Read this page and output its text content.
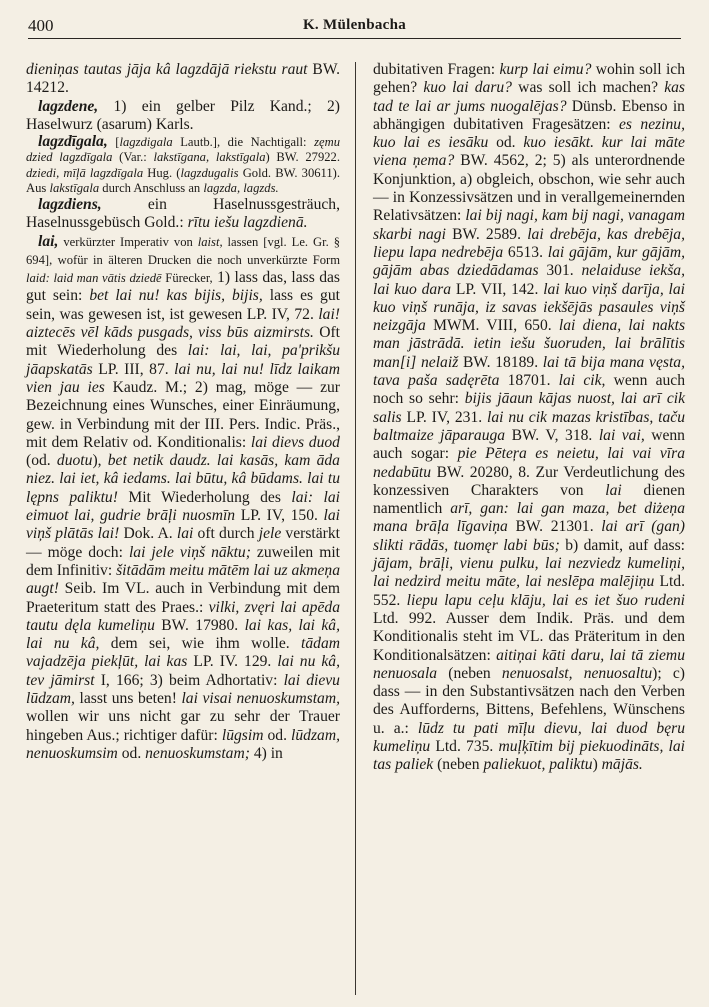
400	K. Mülenbacha

dieniņas tautas jāja kâ lagzdājā riekstu raut BW. 14212.

lagzdene, 1) ein gelber Pilz Kand.; 2) Haselwurz (asarum) Karls.

lagzdīgala, [lagzdigala Lautb.], die Nachtigall: zęmu dzied lagzdīgala (Var.: lakstīgana, lakstīgala) BW. 27922. dziedi, mīļā lagzdīgala Hug. (lagzdugalis Gold. BW. 30611). Aus lakstīgala durch Anschluss an lagzda, lagzds.

lagzdiens, ein Haselnussgesträuch, Haselnussgebüsch Gold.: rītu iešu lagzdienā.

lai, verkürzter Imperativ von laist, lassen [vgl. Le. Gr. § 694], wofür in älteren Drucken die noch unverkürzte Form laid: laid man vātis dziedē Fürecker, 1) lass das, lass das gut sein: bet lai nu! kas bijis, bijis, lass es gut sein, was gewesen ist, ist gewesen LP. IV, 72. lai! aiztecēs vēl kāds pusgads, viss būs aizmirsts. Oft mit Wiederholung des lai: lai, lai, pa'prikšu jāapskatās LP. III, 87. lai nu, lai nu! līdz laikam vien jau ies Kaudz. M.; 2) mag, möge — zur Bezeichnung eines Wunsches, einer Einräumung, gew. in Verbindung mit der III. Pers. Indic. Präs., mit dem Relativ od. Konditionalis: lai dievs duod (od. duotu), bet netik daudz. lai kasās, kam āda niez. lai iet, kâ iedams. lai būtu, kâ būdams. lai tu lępns paliktu! Mit Wiederholung des lai: lai eimuot lai, gudrie brāļi nuosmīn LP. IV, 150. lai viņš plātās lai! Dok. A. lai oft durch jele verstärkt — möge doch: lai jele viņš nāktu; zuweilen mit dem Infinitiv: šitādām meitu mātēm lai uz akmeņa augt! Seib. Im VL. auch in Verbindung mit dem Praeteritum statt des Praes.: vilki, zvęri lai apēda tautu dęla kumeliņu BW. 17980. lai kas, lai kâ, lai nu kâ, dem sei, wie ihm wolle. tādam vajadzēja piekļūt, lai kas LP. IV. 129. lai nu kâ, tev jāmirst I, 166; 3) beim Adhortativ: lai dievu lūdzam, lasst uns beten! lai visai nenuoskumstam, wollen wir uns nicht gar zu sehr der Trauer hingeben Aus.; richtiger dafür: lūgsim od. lūdzam, nenuoskumsim od. nenuoskumstam; 4) in

dubitativen Fragen: kurp lai eimu? wohin soll ich gehen? kuo lai daru? was soll ich machen? kas tad te lai ar jums nuogalējas? Dünsb. Ebenso in abhängigen dubitativen Fragesätzen: es nezinu, kuo lai es iesāku od. kuo iesākt. kur lai māte viena ņema? BW. 4562, 2; 5) als unterordnende Konjunktion, a) obgleich, obschon, wie sehr auch — in Konzessivsätzen und in verallgemeinernden Relativsätzen: lai bij nagi, kam bij nagi, vanagam skarbi nagi BW. 2589. lai drebēja, kas drebēja, liepu lapa nedrebēja 6513. lai gājām, kur gājām, gājām abas dziedādamas 301. nelaiduse iekša, lai kuo dara LP. VII, 142. lai kuo viņš darīja, lai kuo viņš runāja, iz savas iekšējās pasaules viņš neizgāja MWM. VIII, 650. lai diena, lai nakts man jāstrādā. ietin iešu šuoruden, lai brālītis man[i] nelaiž BW. 18189. lai tā bija mana vęsta, tava paša sadęrēta 18701. lai cik, wenn auch noch so sehr: bijis jāaun kājas nuost, lai arī cik salis LP. IV, 231. lai nu cik mazas kristības, taču baltmaize jāparauga BW. V, 318. lai vai, wenn auch sogar: pie Pēteŗa es neietu, lai vai vīra nedabūtu BW. 20280, 8. Zur Verdeutlichung des konzessiven Charakters von lai dienen namentlich arī, gan: lai gan maza, bet diżeņa mana brāļa līgaviņa BW. 21301. lai arī (gan) slikti rādās, tuomęr labi būs; b) damit, auf dass: jāјam, brāļi, vienu pulku, lai nezviedz kumeliņi, lai nedzird meitu māte, lai neslēpa malējiņu Ltd. 552. liepu lapu ceļu klāju, lai es iet šuo rudeni Ltd. 992. Ausser dem Indik. Präs. und dem Konditionalis steht im VL. das Präteritum in den Konditionalsätzen: aitiņai kāti daru, lai tā ziemu nenuosala (neben nenuosalst, nenuosaltu); c) dass — in den Substantivsätzen nach den Verben des Aufforderns, Bittens, Befehlens, Wünschens u. a.: lūdz tu pati mīļu dievu, lai duod bęru kumeliņu Ltd. 735. muļķītim bij piekuodināts, lai tas paliek (neben paliekuot, paliktu) mājās.
